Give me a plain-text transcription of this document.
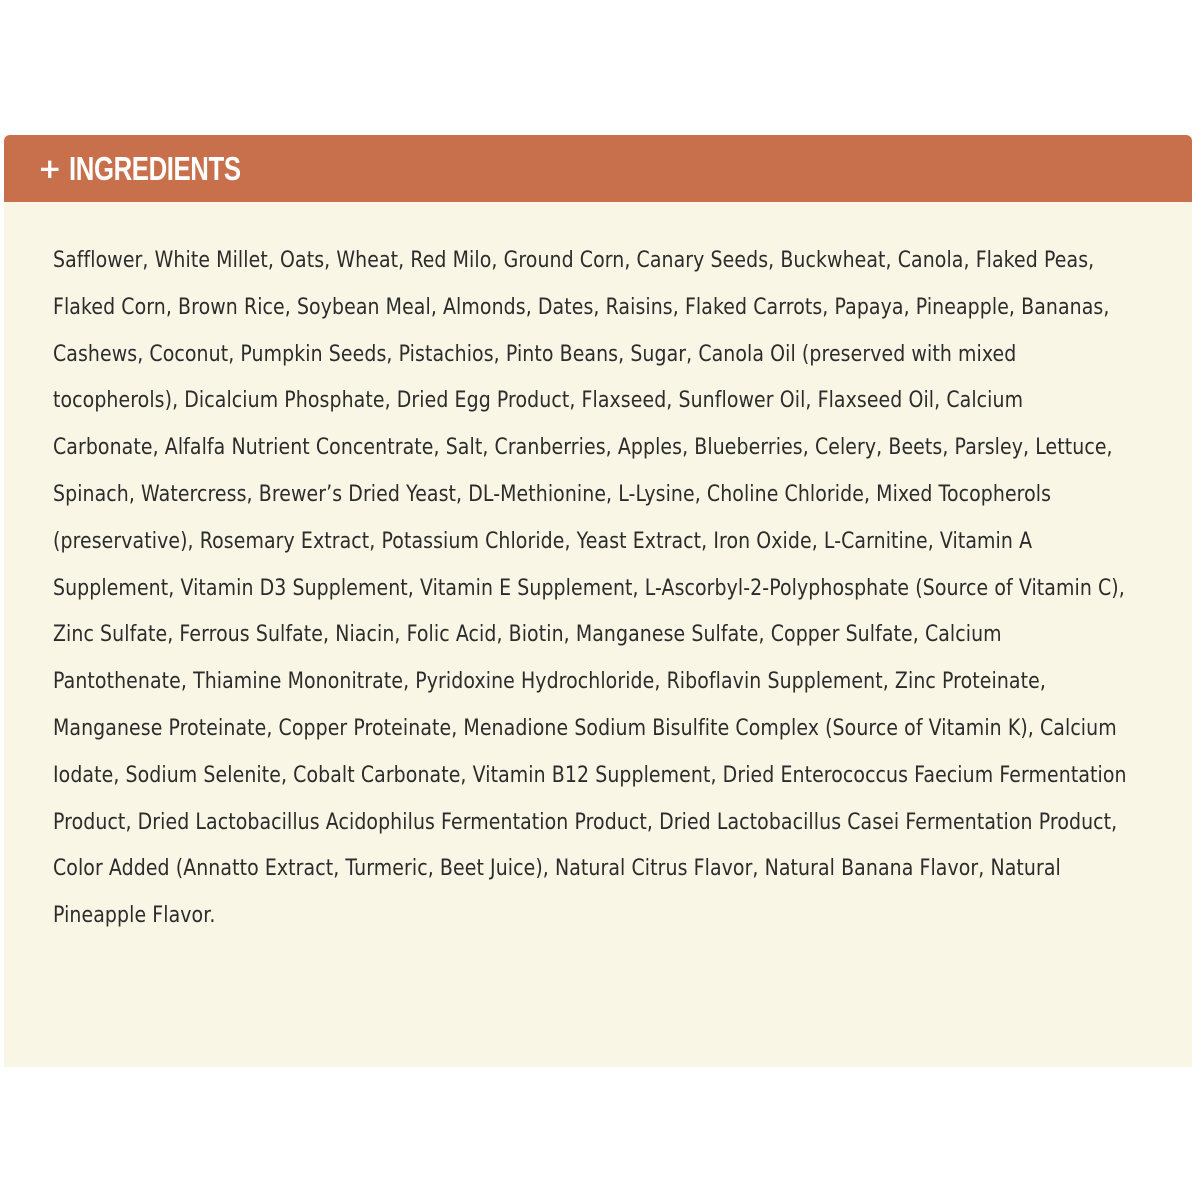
+ INGREDIENTS

Safflower, White Millet, Oats, Wheat, Red Milo, Ground Corn, Canary Seeds, Buckwheat, Canola, Flaked Peas, Flaked Corn, Brown Rice, Soybean Meal, Almonds, Dates, Raisins, Flaked Carrots, Papaya, Pineapple, Bananas, Cashews, Coconut, Pumpkin Seeds, Pistachios, Pinto Beans, Sugar, Canola Oil (preserved with mixed tocopherols), Dicalcium Phosphate, Dried Egg Product, Flaxseed, Sunflower Oil, Flaxseed Oil, Calcium Carbonate, Alfalfa Nutrient Concentrate, Salt, Cranberries, Apples, Blueberries, Celery, Beets, Parsley, Lettuce, Spinach, Watercress, Brewer’s Dried Yeast, DL-Methionine, L-Lysine, Choline Chloride, Mixed Tocopherols (preservative), Rosemary Extract, Potassium Chloride, Yeast Extract, Iron Oxide, L-Carnitine, Vitamin A Supplement, Vitamin D3 Supplement, Vitamin E Supplement, L-Ascorbyl-2-Polyphosphate (Source of Vitamin C), Zinc Sulfate, Ferrous Sulfate, Niacin, Folic Acid, Biotin, Manganese Sulfate, Copper Sulfate, Calcium Pantothenate, Thiamine Mononitrate, Pyridoxine Hydrochloride, Riboflavin Supplement, Zinc Proteinate, Manganese Proteinate, Copper Proteinate, Menadione Sodium Bisulfite Complex (Source of Vitamin K), Calcium Iodate, Sodium Selenite, Cobalt Carbonate, Vitamin B12 Supplement, Dried Enterococcus Faecium Fermentation Product, Dried Lactobacillus Acidophilus Fermentation Product, Dried Lactobacillus Casei Fermentation Product, Color Added (Annatto Extract, Turmeric, Beet Juice), Natural Citrus Flavor, Natural Banana Flavor, Natural Pineapple Flavor.
